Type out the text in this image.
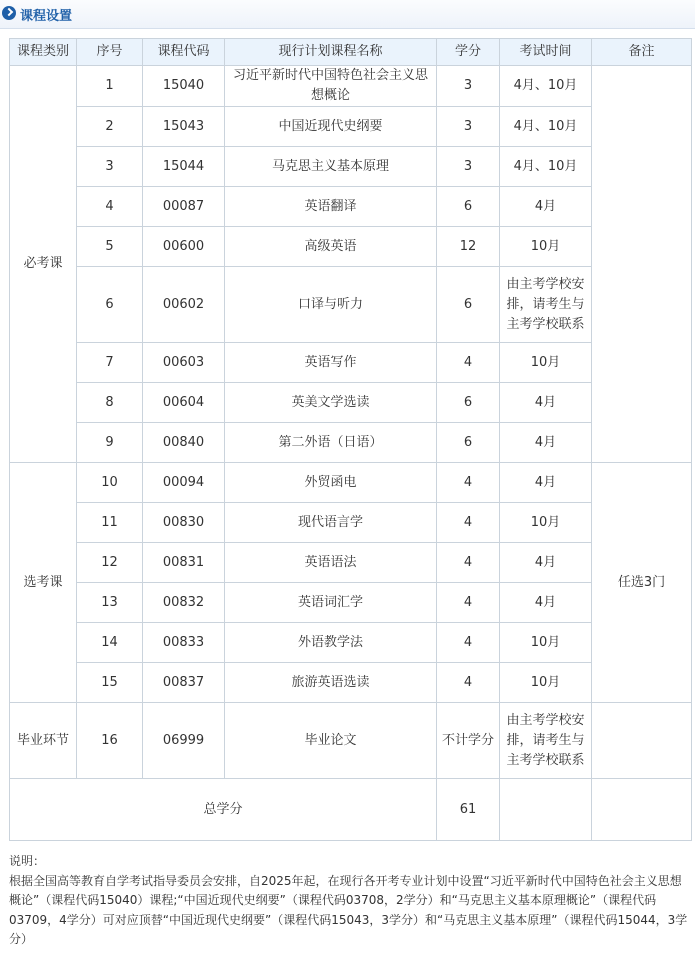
课程设置
课程类别	序号	课程代码	现行计划课程名称	学分	考试时间	备注
必考课	1	15040	习近平新时代中国特色社会主义思想概论	3	4月、10月	
	2	15043	中国近现代史纲要	3	4月、10月	
	3	15044	马克思主义基本原理	3	4月、10月	
	4	00087	英语翻译	6	4月	
	5	00600	高级英语	12	10月	
	6	00602	口译与听力	6	由主考学校安排，请考生与主考学校联系	
	7	00603	英语写作	4	10月	
	8	00604	英美文学选读	6	4月	
	9	00840	第二外语（日语）	6	4月	
选考课	10	00094	外贸函电	4	4月	任选3门
	11	00830	现代语言学	4	10月	
	12	00831	英语语法	4	4月	
	13	00832	英语词汇学	4	4月	
	14	00833	外语教学法	4	10月	
	15	00837	旅游英语选读	4	10月	
毕业环节	16	06999	毕业论文	不计学分	由主考学校安排，请考生与主考学校联系	
总学分				61		

说明：

根据全国高等教育自学考试指导委员会安排，自2025年起，在现行各开考专业计划中设置“习近平新时代中国特色社会主义思想概论”（课程代码15040）课程;“中国近现代史纲要”（课程代码03708，2学分）和“马克思主义基本原理概论”（课程代码03709，4学分）可对应顶替“中国近现代史纲要”（课程代码15043，3学分）和“马克思主义基本原理”（课程代码15044，3学分）
